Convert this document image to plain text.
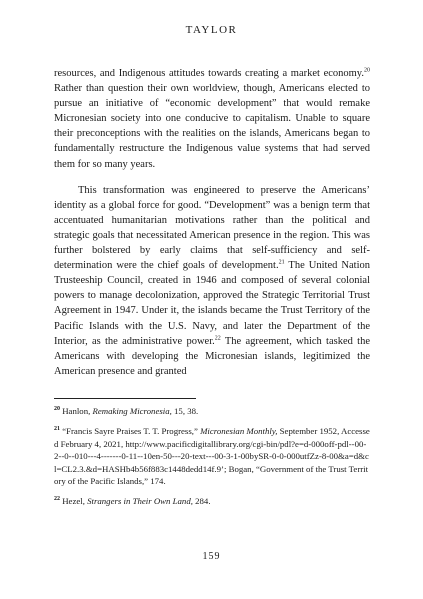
TAYLOR

resources, and Indigenous attitudes towards creating a market economy.$^{20}$ Rather than question their own worldview, though, Americans elected to pursue an initiative of “economic development” that would remake Micronesian society into one conducive to capitalism. Unable to square their preconceptions with the realities on the islands, Americans began to fundamentally restructure the Indigenous value systems that had served them for so many years.

This transformation was engineered to preserve the Americans’ identity as a global force for good. “Development” was a benign term that accentuated humanitarian motivations rather than the political and strategic goals that necessitated American presence in the region. This was further bolstered by early claims that self-sufficiency and self-determination were the chief goals of development.$^{21}$ The United Nation Trusteeship Council, created in 1946 and composed of several colonial powers to manage decolonization, approved the Strategic Territorial Trust Agreement in 1947. Under it, the islands became the Trust Territory of the Pacific Islands with the U.S. Navy, and later the Department of the Interior, as the administrative power.$^{22}$ The agreement, which tasked the Americans with developing the Micronesian islands, legitimized the American presence and granted

$^{20}$ Hanlon, Remaking Micronesia, 15, 38.

$^{21}$ “Francis Sayre Praises T. T. Progress,” Micronesian Monthly, September 1952, Accessed February 4, 2021, http://www.pacificdigitallibrary.org/cgi-bin/pdl?e=d-000off-pdl--00-2--0--010---4-------0-11--10en-50---20-text---00-3-1-00bySR-0-0-000utfZz-8-00&a=d&cl=CL2.3.&d=HASHb4b56f883c1448dedd14f.9’; Bogan, “Government of the Trust Territory of the Pacific Islands,” 174.

$^{22}$ Hezel, Strangers in Their Own Land, 284.

159
